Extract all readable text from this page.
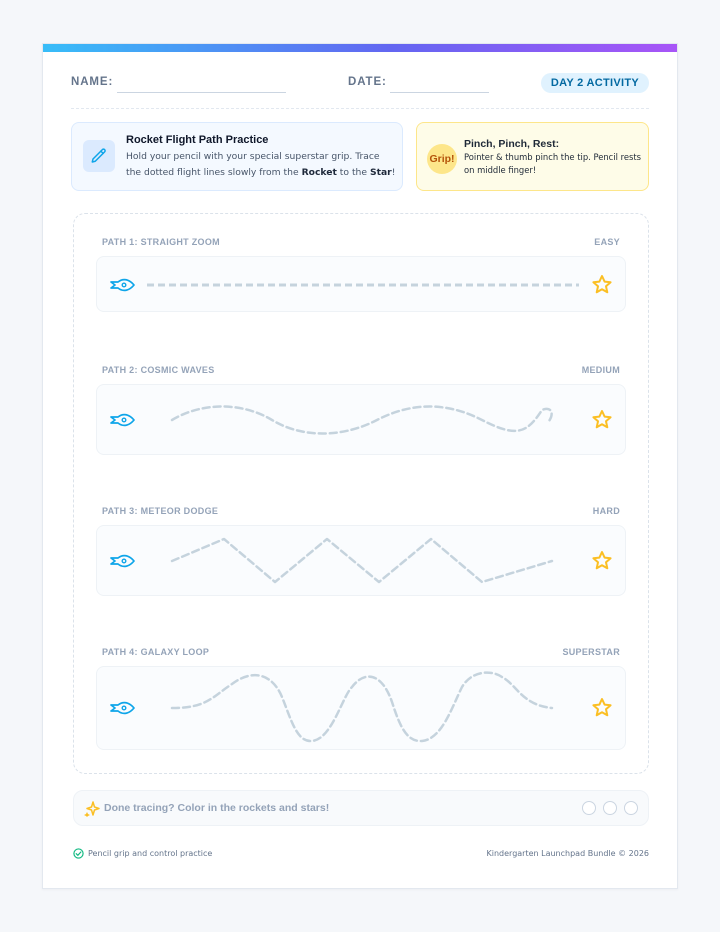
NAME:	DATE:	DAY 2 ACTIVITY
Rocket Flight Path Practice
Hold your pencil with your special superstar grip. Trace the dotted flight lines slowly from the Rocket to the Star!
Grip!
Pinch, Pinch, Rest:
Pointer & thumb pinch the tip. Pencil rests on middle finger!
PATH 1: STRAIGHT ZOOM	EASY
PATH 2: COSMIC WAVES	MEDIUM
PATH 3: METEOR DODGE	HARD
PATH 4: GALAXY LOOP	SUPERSTAR
Done tracing? Color in the rockets and stars!
Pencil grip and control practice	Kindergarten Launchpad Bundle © 2026
